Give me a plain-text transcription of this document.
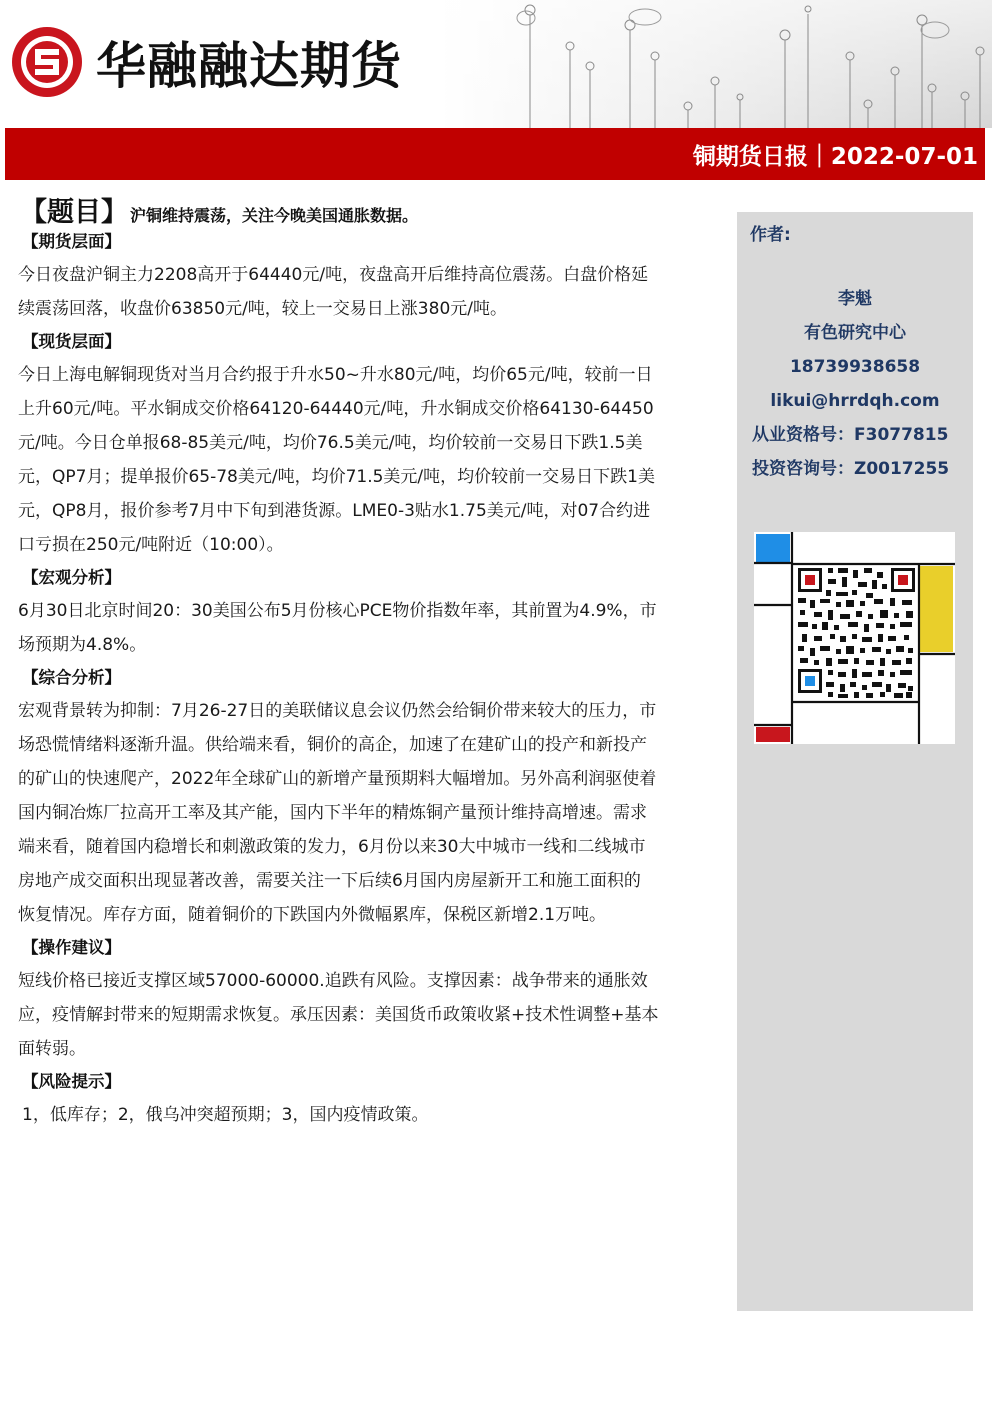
华融融达期货
铜期货日报｜2022-07-01
【题目】 沪铜维持震荡，关注今晚美国通胀数据。
【期货层面】

今日夜盘沪铜主力2208高开于64440元/吨，夜盘高开后维持高位震荡。白盘价格延
续震荡回落，收盘价63850元/吨，较上一交易日上涨380元/吨。

【现货层面】

今日上海电解铜现货对当月合约报于升水50~升水80元/吨，均价65元/吨，较前一日
上升60元/吨。平水铜成交价格64120-64440元/吨，升水铜成交价格64130-64450
元/吨。今日仓单报68-85美元/吨，均价76.5美元/吨，均价较前一交易日下跌1.5美
元，QP7月；提单报价65-78美元/吨，均价71.5美元/吨，均价较前一交易日下跌1美
元，QP8月，报价参考7月中下旬到港货源。LME0-3贴水1.75美元/吨，对07合约进
口亏损在250元/吨附近（10:00）。

【宏观分析】

6月30日北京时间20：30美国公布5月份核心PCE物价指数年率，其前置为4.9%，市
场预期为4.8%。

【综合分析】

宏观背景转为抑制：7月26-27日的美联储议息会议仍然会给铜价带来较大的压力，市
场恐慌情绪料逐渐升温。供给端来看，铜价的高企，加速了在建矿山的投产和新投产
的矿山的快速爬产，2022年全球矿山的新增产量预期料大幅增加。另外高利润驱使着
国内铜冶炼厂拉高开工率及其产能，国内下半年的精炼铜产量预计维持高增速。需求
端来看，随着国内稳增长和刺激政策的发力，6月份以来30大中城市一线和二线城市
房地产成交面积出现显著改善，需要关注一下后续6月国内房屋新开工和施工面积的
恢复情况。库存方面，随着铜价的下跌国内外微幅累库，保税区新增2.1万吨。

【操作建议】

短线价格已接近支撑区域57000-60000.追跌有风险。支撑因素：战争带来的通胀效
应，疫情解封带来的短期需求恢复。承压因素：美国货币政策收紧+技术性调整+基本
面转弱。

【风险提示】

1，低库存；2，俄乌冲突超预期；3，国内疫情政策。

作者:
李魁
有色研究中心
18739938658
likui@hrrdqh.com
从业资格号：F3077815
投资咨询号：Z0017255
